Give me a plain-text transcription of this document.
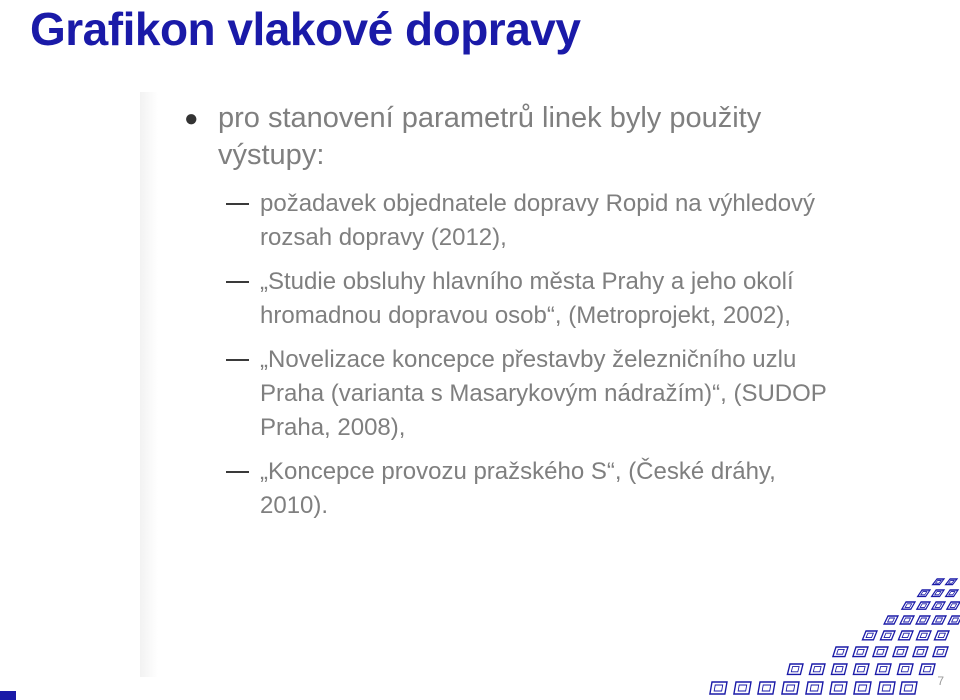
Grafikon vlakové dopravy
● pro stanovení parametrů linek byly použity výstupy:
požadavek objednatele dopravy Ropid na výhledový rozsah dopravy (2012),
„Studie obsluhy hlavního města Prahy a jeho okolí hromadnou dopravou osob“, (Metroprojekt, 2002),
„Novelizace koncepce přestavby železničního uzlu Praha (varianta s Masarykovým nádražím)“, (SUDOP Praha, 2008),
„Koncepce provozu pražského S“, (České dráhy, 2010).
7
